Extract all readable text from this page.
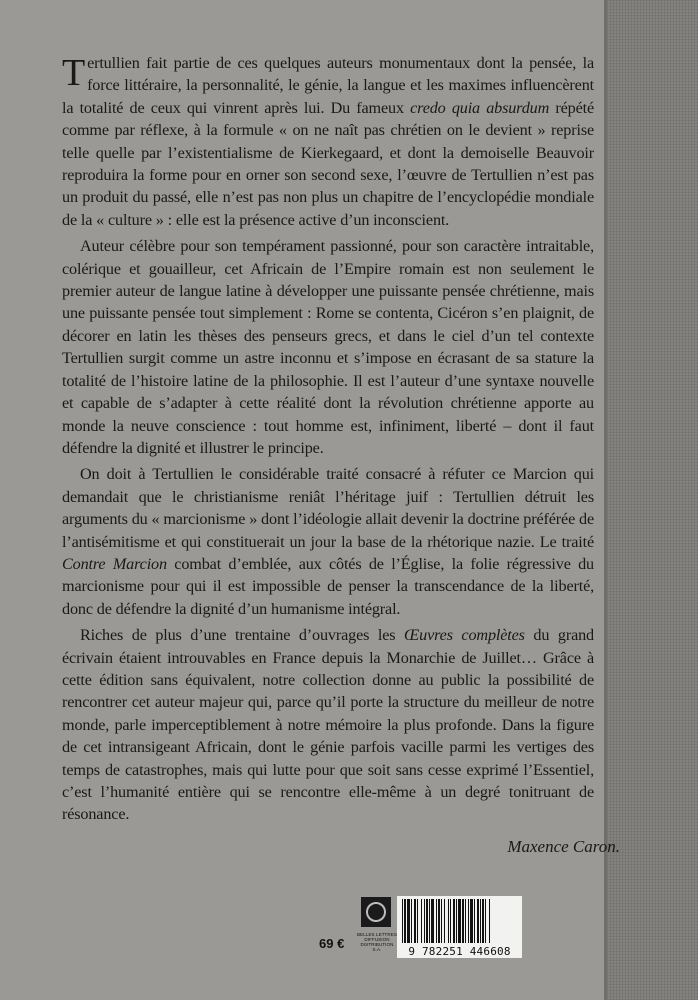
Tertullien fait partie de ces quelques auteurs monumentaux dont la pensée, la force littéraire, la personnalité, le génie, la langue et les maximes influencèrent la totalité de ceux qui vinrent après lui. Du fameux credo quia absurdum répété comme par réflexe, à la formule « on ne naît pas chrétien on le devient » reprise telle quelle par l’existentialisme de Kierkegaard, et dont la demoiselle Beauvoir reproduira la forme pour en orner son second sexe, l’œuvre de Tertullien n’est pas un produit du passé, elle n’est pas non plus un chapitre de l’encyclopédie mondiale de la « culture » : elle est la présence active d’un inconscient.

Auteur célèbre pour son tempérament passionné, pour son caractère intraitable, colérique et gouailleur, cet Africain de l’Empire romain est non seulement le premier auteur de langue latine à développer une puissante pensée chrétienne, mais une puissante pensée tout simplement : Rome se contenta, Cicéron s’en plaignit, de décorer en latin les thèses des penseurs grecs, et dans le ciel d’un tel contexte Tertullien surgit comme un astre inconnu et s’impose en écrasant de sa stature la totalité de l’histoire latine de la philosophie. Il est l’auteur d’une syntaxe nouvelle et capable de s’adapter à cette réalité dont la révolution chrétienne apporte au monde la neuve conscience : tout homme est, infiniment, liberté – dont il faut défendre la dignité et illustrer le principe.

On doit à Tertullien le considérable traité consacré à réfuter ce Marcion qui demandait que le christianisme reniât l’héritage juif : Tertullien détruit les arguments du « marcionisme » dont l’idéologie allait devenir la doctrine préférée de l’antisémitisme et qui constituerait un jour la base de la rhétorique nazie. Le traité Contre Marcion combat d’emblée, aux côtés de l’Église, la folie régressive du marcionisme pour qui il est impossible de penser la transcendance de la liberté, donc de défendre la dignité d’un humanisme intégral.

Riches de plus d’une trentaine d’ouvrages les Œuvres complètes du grand écrivain étaient introuvables en France depuis la Monarchie de Juillet… Grâce à cette édition sans équivalent, notre collection donne au public la possibilité de rencontrer cet auteur majeur qui, parce qu’il porte la structure du meilleur de notre monde, parle imperceptiblement à notre mémoire la plus profonde. Dans la figure de cet intransigeant Africain, dont le génie parfois vacille parmi les vertiges des temps de catastrophes, mais qui lutte pour que soit sans cesse exprimé l’Essentiel, c’est l’humanité entière qui se rencontre elle-même à un degré tonitruant de résonance.

Maxence Caron.
69 €
BELLES LETTRES
DIFFUSION
DISTRIBUTION
S.A.	9 782251 446608
